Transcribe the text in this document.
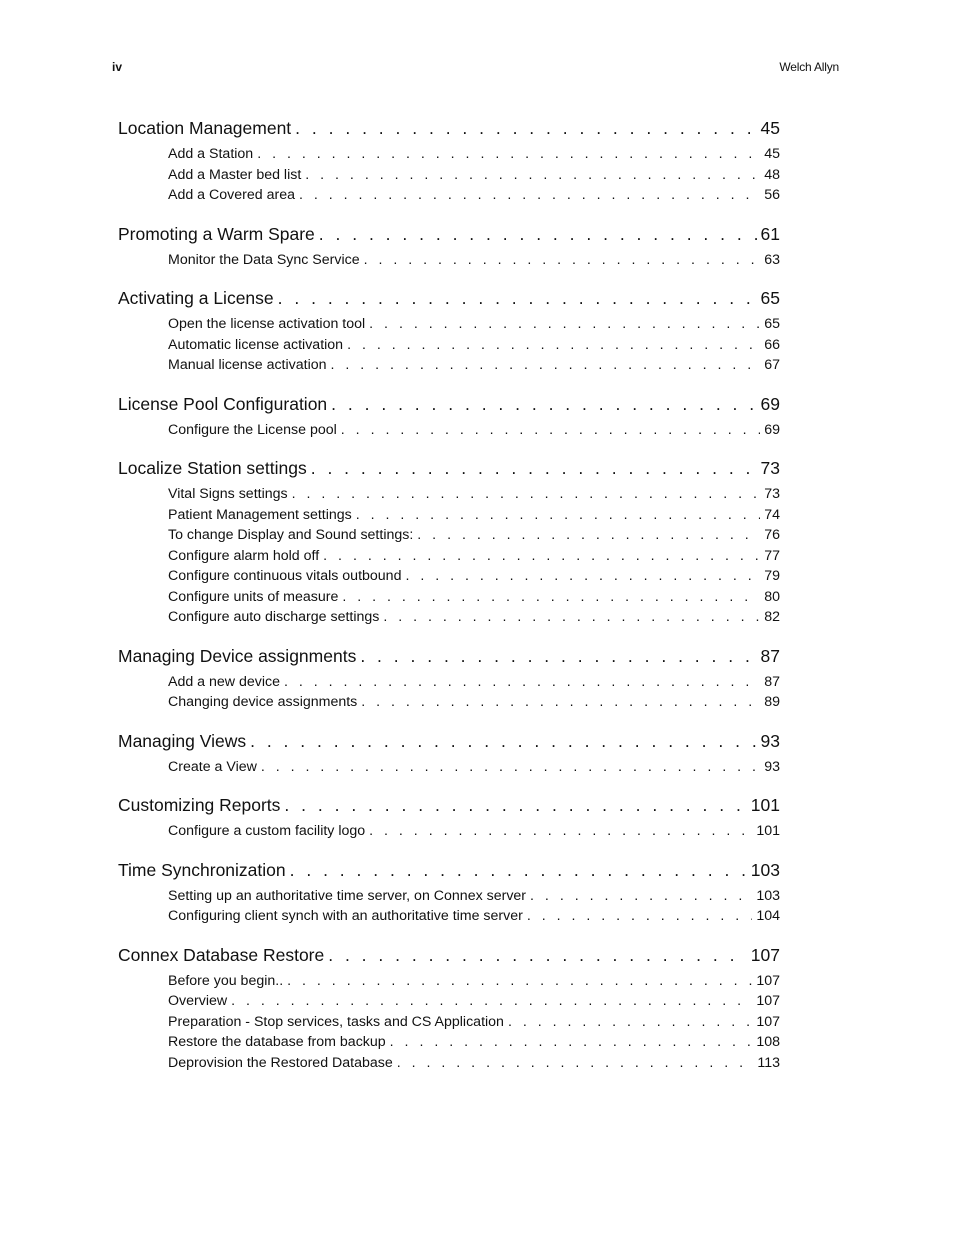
iv	Welch Allyn
Location Management . . .	45
Add a Station . . .	45
Add a Master bed list . . .	48
Add a Covered area . . .	56
Promoting a Warm Spare . . .	61
Monitor the Data Sync Service . . .	63
Activating a License . . .	65
Open the license activation tool . . .	65
Automatic license activation . . .	66
Manual license activation . . .	67
License Pool Configuration . . .	69
Configure the License pool . . .	69
Localize Station settings . . .	73
Vital Signs settings . . .	73
Patient Management settings . . .	74
To change Display and Sound settings: . . .	76
Configure alarm hold off . . .	77
Configure continuous vitals outbound . . .	79
Configure units of measure . . .	80
Configure auto discharge settings . . .	82
Managing Device assignments . . .	87
Add a new device . . .	87
Changing device assignments . . .	89
Managing Views . . .	93
Create a View . . .	93
Customizing Reports . . .	101
Configure a custom facility logo . . .	101
Time Synchronization . . .	103
Setting up an authoritative time server, on Connex server . . .	103
Configuring client synch with an authoritative time server . . .	104
Connex Database Restore . . .	107
Before you begin.. . . .	107
Overview . . .	107
Preparation - Stop services, tasks and CS Application . . .	107
Restore the database from backup . . .	108
Deprovision the Restored Database . . .	113
